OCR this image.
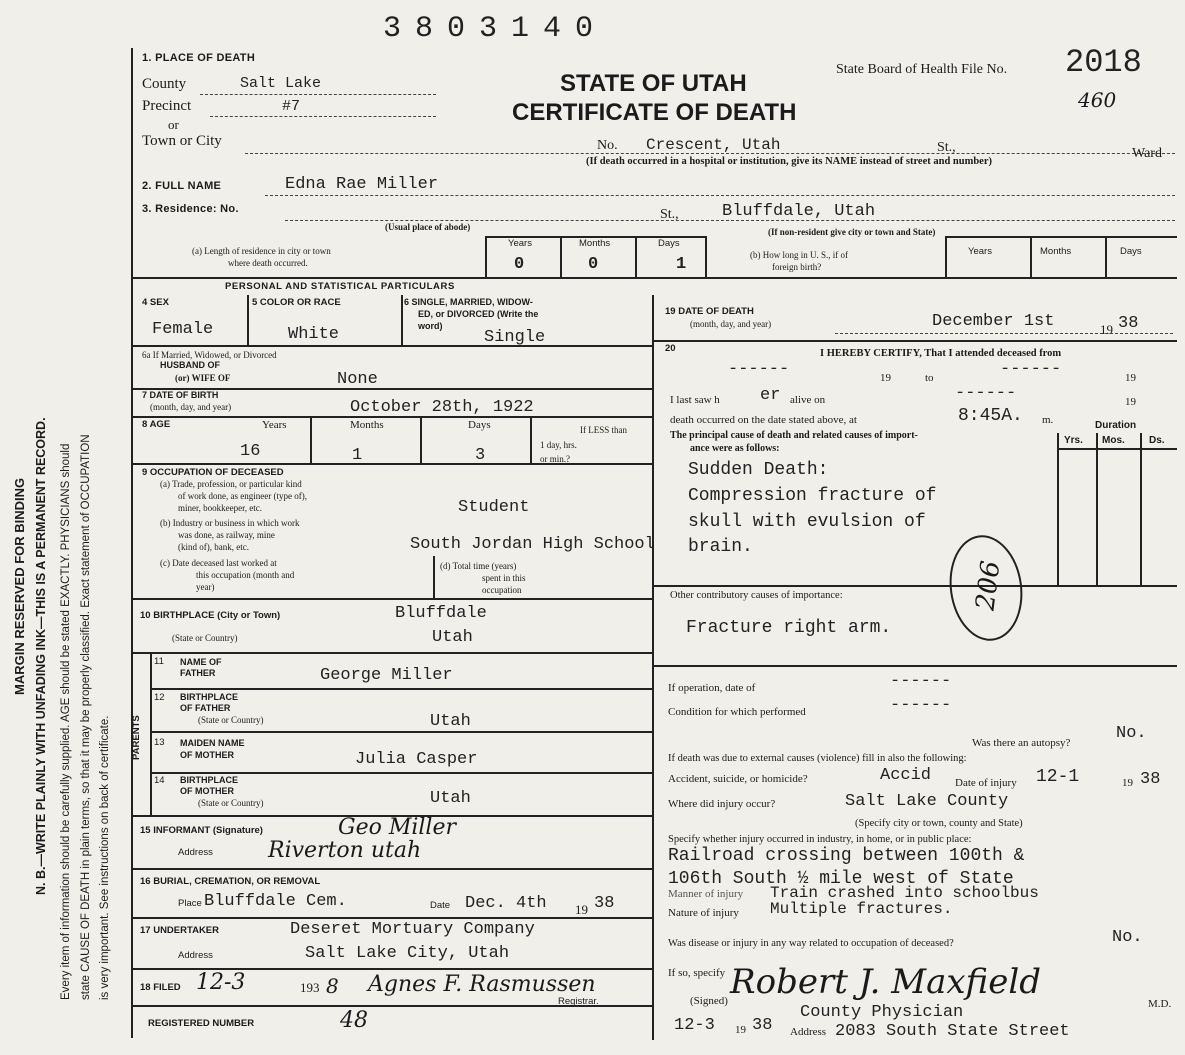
MARGIN RESERVED FOR BINDING N. B.—WRITE PLAINLY WITH UNFADING INK—THIS IS A PERMANENT RECORD. Every item of information should be carefully supplied. AGE should be stated EXACTLY. PHYSICIANS should state CAUSE OF DEATH in plain terms, so that it may be properly classified. Exact statement of OCCUPATION is very important. See instructions on back of certificate.
3803140
STATE OF UTAH
CERTIFICATE OF DEATH
State Board of Health File No. 2018
460
1. PLACE OF DEATH
County	Salt Lake
Precinct	#7
or
Town or City	No. Crescent, Utah	St.,	Ward
(If death occurred in a hospital or institution, give its NAME instead of street and number)
2. FULL NAME	Edna Rae Miller
3. Residence: No.	St.,	Bluffdale, Utah
(Usual place of abode)	(If non-resident give city or town and State)
(a) Length of residence in city or town
where death occurred.
Years	Months	Days
0	0	1	(b) How long in U. S., if of
foreign birth?
Years	Months	Days
PERSONAL AND STATISTICAL PARTICULARS
4 SEX
Female
5 COLOR OR RACE
White
6 SINGLE, MARRIED, WIDOW-
ED, or DIVORCED (Write the
word)
Single
6a If Married, Widowed, or Divorced
HUSBAND OF
(or) WIFE OF	None
7 DATE OF BIRTH
(month, day, and year)	October 28th, 1922
8 AGE	Years	Months	Days
16	1	3
If LESS than
1 day, hrs.
or min.?
9 OCCUPATION OF DECEASED
(a) Trade, profession, or particular kind
of work done, as engineer (type of),
miner, bookkeeper, etc.	Student
(b) Industry or business in which work
was done, as railway, mine
(kind of), bank, etc.	South Jordan High School
(c) Date deceased last worked at
this occupation (month and
year)
(d) Total time (years)
spent in this
occupation
10 BIRTHPLACE (City or Town)	Bluffdale
(State or Country)	Utah
PARENTS
11 NAME OF
FATHER	George Miller
12 BIRTHPLACE
OF FATHER
(State or Country)	Utah
13 MAIDEN NAME
OF MOTHER	Julia Casper
14 BIRTHPLACE
OF MOTHER
(State or Country)	Utah
15 INFORMANT (Signature)	Geo Miller
Address	Riverton utah
16 BURIAL, CREMATION, OR REMOVAL
Place Bluffdale Cem.	Date Dec. 4th 19 38
17 UNDERTAKER	Deseret Mortuary Company
Address	Salt Lake City, Utah
18 FILED 12-3	193 8 Agnes F. Rasmussen
Registrar.
REGISTERED NUMBER	48
19 DATE OF DEATH
(month, day, and year)	December 1st	19 38
20	I HEREBY CERTIFY, That I attended deceased from
------	19	to	------	19
I last saw h er alive on	------	19
death occurred on the date stated above, at	8:45A. m.
The principal cause of death and related causes of import-
ance were as follows:
Duration
Yrs. Mos. Ds.
Sudden Death:
Compression fracture of
skull with evulsion of
brain.
206
Other contributory causes of importance:
Fracture right arm.
If operation, date of	------
Condition for which performed	------
Was there an autopsy?	No.
If death was due to external causes (violence) fill in also the following:
Accident, suicide, or homicide?	Accid Date of injury 12-1	19 38
Where did injury occur?	Salt Lake County
(Specify city or town, county and State)
Specify whether injury occurred in industry, in home, or in public place:
Railroad crossing between 100th &
106th South ½ mile west of State
Manner of injury Train crashed into schoolbus
Nature of injury Multiple fractures.
Was disease or injury in any way related to occupation of deceased?	No.
If so, specify Robert J. Maxfield
(Signed)	M.D.
12-3 19 38 Address
County Physician
2083 South State Street
